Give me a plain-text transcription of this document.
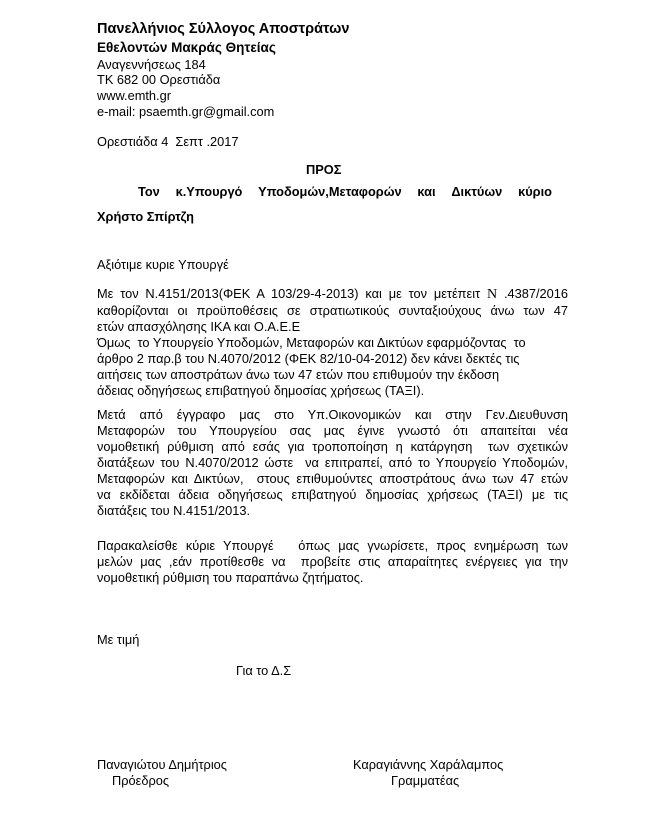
Πανελλήνιος Σύλλογος Αποστράτων
Εθελοντών Μακράς Θητείας
Αναγεννήσεως 184
ΤΚ 682 00 Ορεστιάδα
www.emth.gr
e-mail: psaemth.gr@gmail.com
Ορεστιάδα 4  Σεπτ .2017
ΠΡΟΣ
Τον κ.Υπουργό Υποδομών,Μεταφορών και Δικτύων κύριο
Χρήστο Σπίρτζη
Αξιότιμε κυριε Υπουργέ
Με τον Ν.4151/2013(ΦΕΚ Α 103/29-4-2013) και με τον μετέπειτ Ν .4387/2016
καθορίζονται οι προϋποθέσεις σε στρατιωτικούς συνταξιούχους άνω των 47
ετών απασχόλησης ΙΚΑ και Ο.Α.Ε.Ε
Όμως  το Υπουργείο Υποδομών, Μεταφορών και Δικτύων εφαρμόζοντας  το
άρθρο 2 παρ.β του Ν.4070/2012 (ΦΕΚ 82/10-04-2012) δεν κάνει δεκτές τις
αιτήσεις των αποστράτων άνω των 47 ετών που επιθυμούν την έκδοση
άδειας οδηγήσεως επιβατηγού δημοσίας χρήσεως (ΤΑΞΙ).
Μετά από έγγραφο μας στο Υπ.Οικονομικών και στην Γεν.Διευθυνση
Μεταφορών του Υπουργείου σας μας έγινε γνωστό ότι απαιτείται νέα
νομοθετική ρύθμιση από εσάς για τροποποίηση η κατάργηση  των σχετικών
διατάξεων του Ν.4070/2012 ώστε  να επιτραπεί, από το Υπουργείο Υποδομών,
Μεταφορών και Δικτύων,  στους επιθυμούντες αποστράτους άνω των 47 ετών
να εκδίδεται άδεια οδηγήσεως επιβατηγού δημοσίας χρήσεως (ΤΑΞΙ) με τις
διατάξεις του Ν.4151/2013.
Παρακαλείσθε κύριε Υπουργέ   όπως μας γνωρίσετε, προς ενημέρωση των
μελών μας ,εάν προτίθεσθε να  προβείτε στις απαραίτητες ενέργειες για την
νομοθετική ρύθμιση του παραπάνω ζητήματος.
Με τιμή
Για το Δ.Σ
Παναγιώτου Δημήτριος
Πρόεδρος
Καραγιάννης Χαράλαμπος
Γραμματέας
